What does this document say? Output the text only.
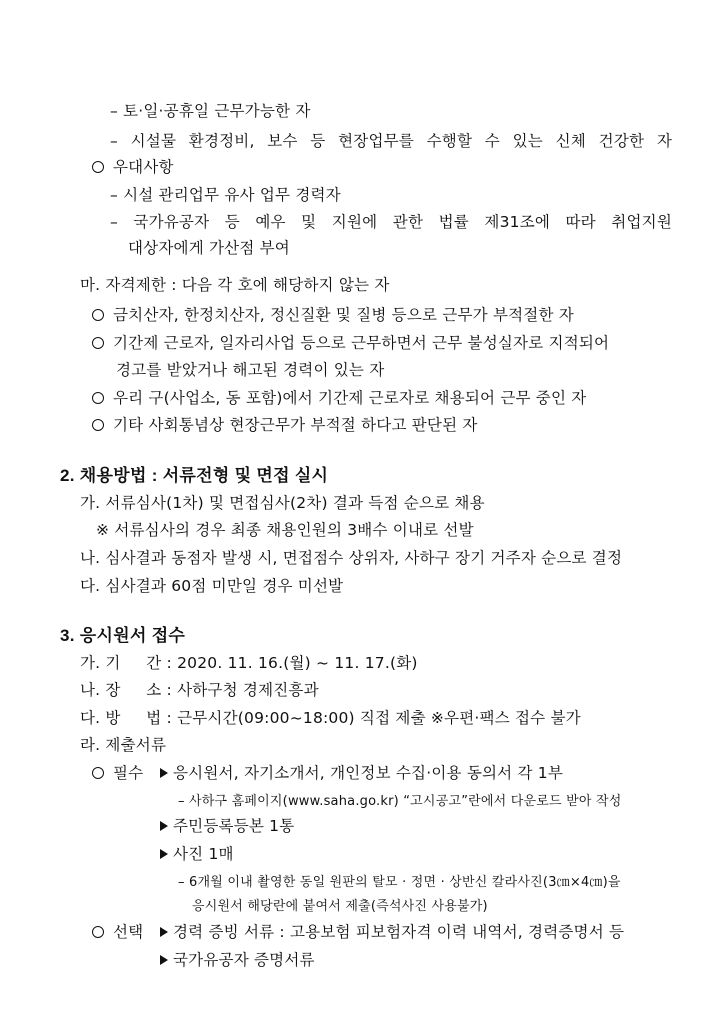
– 토·일·공휴일 근무가능한 자
– 시설물 환경정비, 보수 등 현장업무를 수행할 수 있는 신체 건강한 자
우대사항
– 시설 관리업무 유사 업무 경력자
– 국가유공자 등 예우 및 지원에 관한 법률 제31조에 따라 취업지원
대상자에게 가산점 부여
마. 자격제한 : 다음 각 호에 해당하지 않는 자
금치산자, 한정치산자, 정신질환 및 질병 등으로 근무가 부적절한 자
기간제 근로자, 일자리사업 등으로 근무하면서 근무 불성실자로 지적되어
경고를 받았거나 해고된 경력이 있는 자
우리 구(사업소, 동 포함)에서 기간제 근로자로 채용되어 근무 중인 자
기타 사회통념상 현장근무가 부적절 하다고 판단된 자
2. 채용방법 : 서류전형 및 면접 실시
가. 서류심사(1차) 및 면접심사(2차) 결과 득점 순으로 채용
※ 서류심사의 경우 최종 채용인원의 3배수 이내로 선발
나. 심사결과 동점자 발생 시, 면접점수 상위자, 사하구 장기 거주자 순으로 결정
다. 심사결과 60점 미만일 경우 미선발
3. 응시원서 접수
가. 기     간 : 2020. 11. 16.(월) ~ 11. 17.(화)
나. 장     소 : 사하구청 경제진흥과
다. 방     법 : 근무시간(09:00~18:00) 직접 제출 ※우편·팩스 접수 불가
라. 제출서류
필수	응시원서, 자기소개서, 개인정보 수집·이용 동의서 각 1부
– 사하구 홈페이지(www.saha.go.kr) “고시공고”란에서 다운로드 받아 작성
주민등록등본 1통
사진 1매
– 6개월 이내 촬영한 동일 원판의 탈모 · 정면 · 상반신 칼라사진(3㎝×4㎝)을
응시원서 해당란에 붙여서 제출(즉석사진 사용불가)
선택	경력 증빙 서류 : 고용보험 피보험자격 이력 내역서, 경력증명서 등
국가유공자 증명서류
